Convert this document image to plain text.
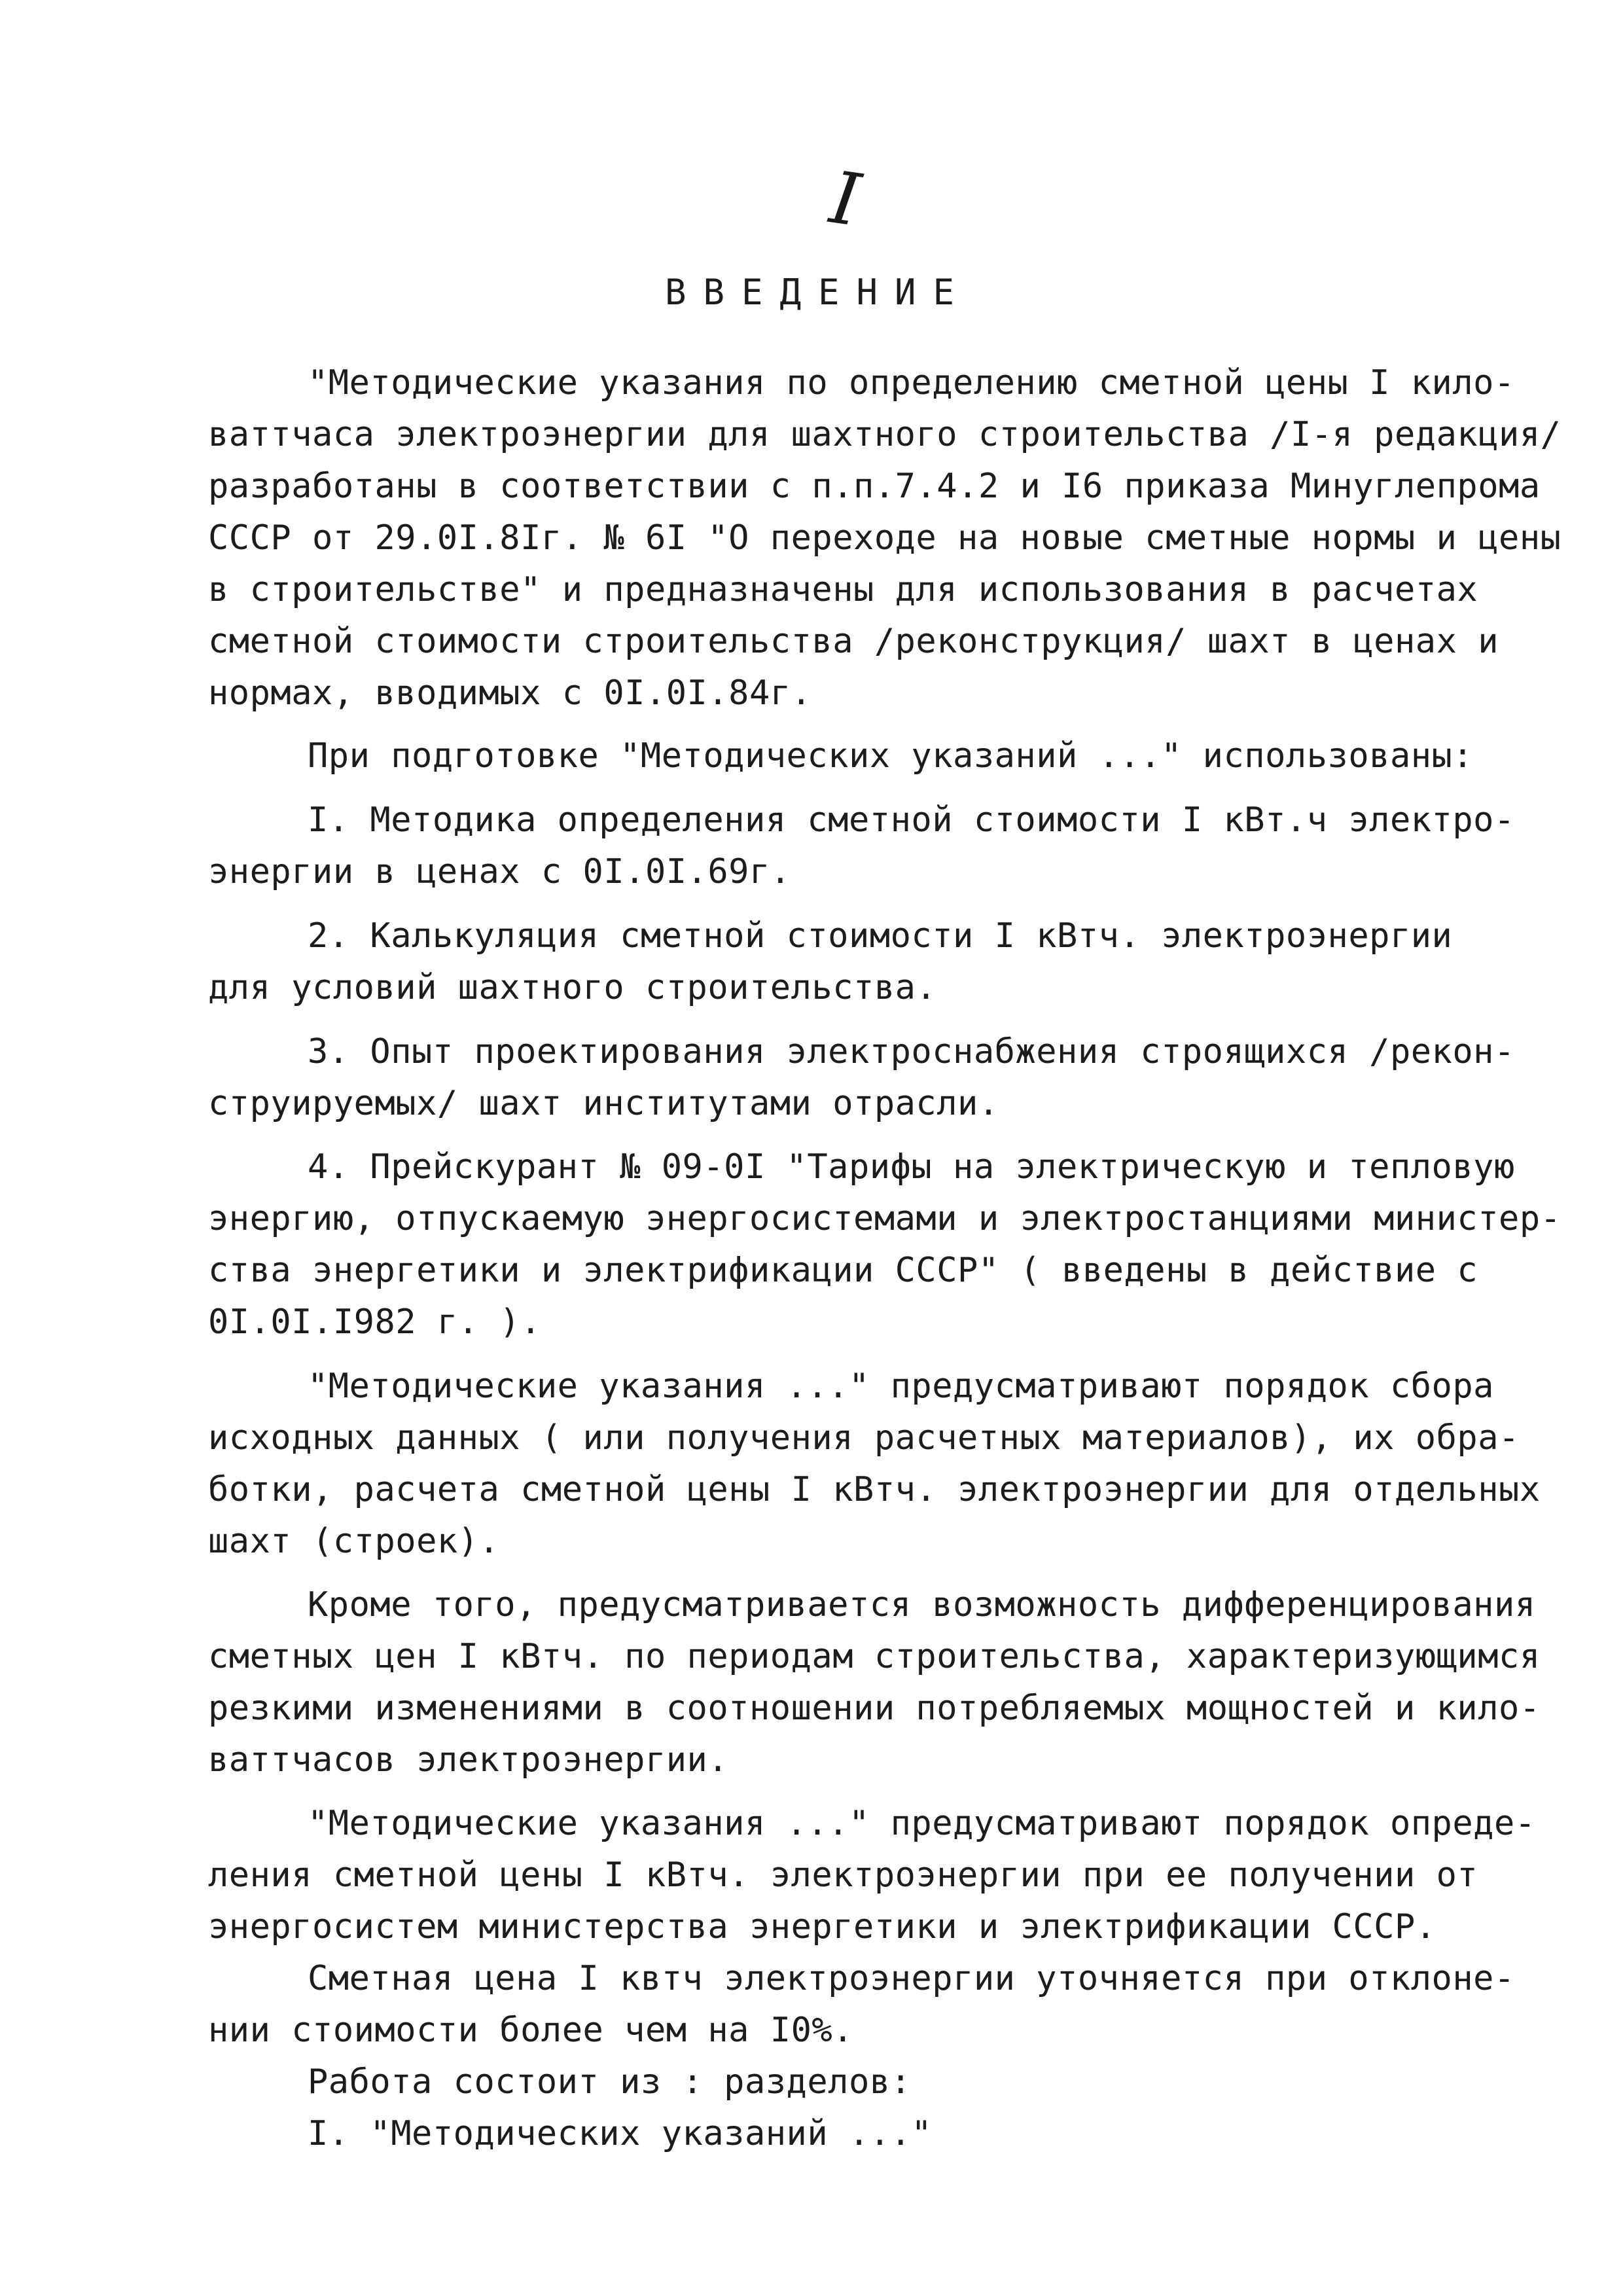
I
ВВЕДЕНИЕ
"Методические указания по определению сметной цены I кило-
ваттчаса электроэнергии для шахтного строительства /I-я редакция/
разработаны в соответствии с п.п.7.4.2 и I6 приказа Минуглепрома
СССР от 29.0I.8Iг. № 6I "О переходе на новые сметные нормы и цены
в строительстве" и предназначены для использования в расчетах
сметной стоимости строительства /реконструкция/ шахт в ценах и
нормах, вводимых с 0I.0I.84г.
При подготовке "Методических указаний ..." использованы:
I. Методика определения сметной стоимости I кВт.ч электро-
энергии в ценах с 0I.0I.69г.
2. Калькуляция сметной стоимости I кВтч. электроэнергии
для условий шахтного строительства.
3. Опыт проектирования электроснабжения строящихся /рекон-
струируемых/ шахт институтами отрасли.
4. Прейскурант № 09-0I "Тарифы на электрическую и тепловую
энергию, отпускаемую энергосистемами и электростанциями министер-
ства энергетики и электрификации СССР" ( введены в действие с
0I.0I.I982 г. ).
"Методические указания ..." предусматривают порядок сбора
исходных данных ( или получения расчетных материалов), их обра-
ботки, расчета сметной цены I кВтч. электроэнергии для отдельных
шахт (строек).
Кроме того, предусматривается возможность дифференцирования
сметных цен I кВтч. по периодам строительства, характеризующимся
резкими изменениями в соотношении потребляемых мощностей и кило-
ваттчасов электроэнергии.
"Методические указания ..." предусматривают порядок опреде-
ления сметной цены I кВтч. электроэнергии при ее получении от
энергосистем министерства энергетики и электрификации СССР.
Сметная цена I квтч электроэнергии уточняется при отклоне-
нии стоимости более чем на I0%.
Работа состоит из : разделов:
I. "Методических указаний ..."
